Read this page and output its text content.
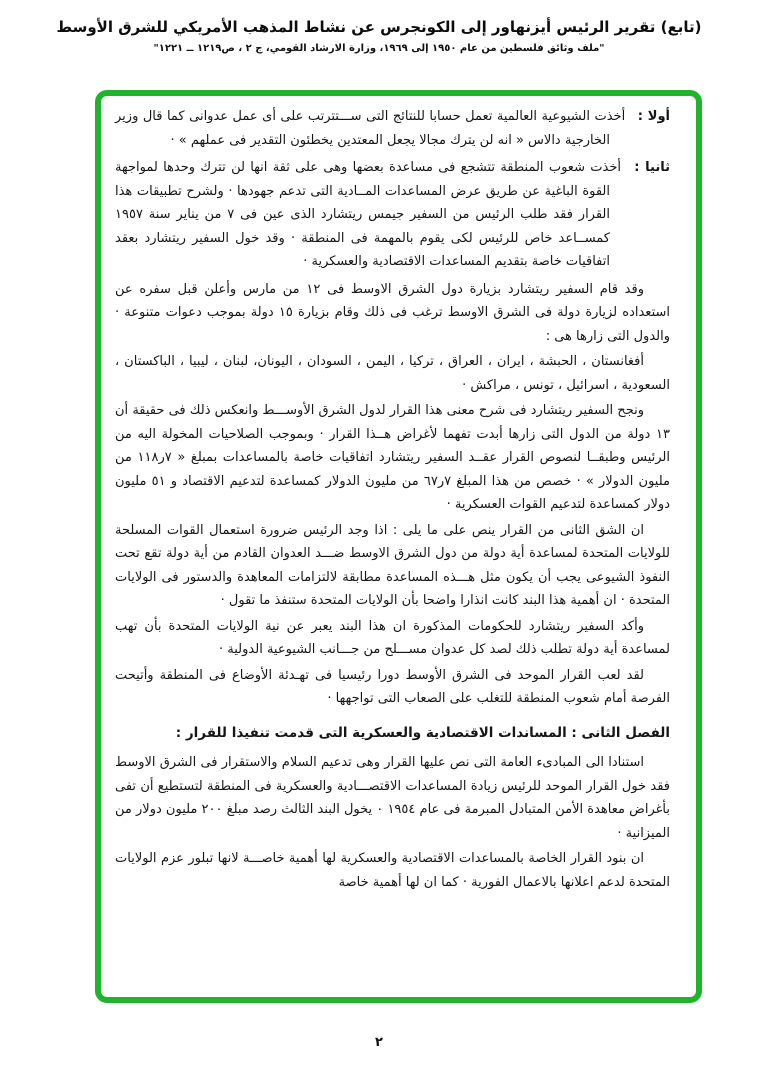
(تابع) تقرير الرئيس أيزنهاور إلى الكونجرس عن نشاط المذهب الأمريكي للشرق الأوسط
"ملف وثائق فلسطين من عام ١٩٥٠ إلى ١٩٦٩، وزارة الارشاد القومي، ج ٢ ، ص١٢١٩ ــ ١٢٢١"
أولا : أخذت الشيوعية العالمية تعمل حسابا للنتائج التى ســـتترتب على أى عمل عدوانى كما قال وزير الخارجية دالاس « انه لن يترك مجالا يجعل المعتدين يخطئون التقدير فى عملهم » ·
ثانيا : أخذت شعوب المنطقة تتشجع فى مساعدة بعضها وهى على ثقة انها لن تترك وحدها لمواجهة القوة الباغية عن طريق عرض المساعدات المــادية التى تدعم جهودها · ولشرح تطبيقات هذا القرار فقد طلب الرئيس من السفير جيمس ريتشارد الذى عين فى ٧ من يناير سنة ١٩٥٧ كمســاعد خاص للرئيس لكى يقوم بالمهمة فى المنطقة · وقد خول السفير ريتشارد بعقد اتفاقيات خاصة بتقديم المساعدات الاقتصادية والعسكرية ·
وقد قام السفير ريتشارد بزيارة دول الشرق الاوسط فى ١٢ من مارس وأعلن قبل سفره عن استعداده لزيارة دولة فى الشرق الاوسط ترغب فى ذلك وقام بزيارة ١٥ دولة بموجب دعوات متنوعة · والدول التى زارها هى :
أفغانستان ، الحبشة ، ايران ، العراق ، تركيا ، اليمن ، السودان ، اليونان، لبنان ، ليبيا ، الباكستان ، السعودية ، اسرائيل ، تونس ، مراكش ·
ونجح السفير ريتشارد فى شرح معنى هذا القرار لدول الشرق الأوســـط وانعكس ذلك فى حقيقة أن ١٣ دولة من الدول التى زارها أبدت تفهما لأغراض هــذا القرار · وبموجب الصلاحيات المخولة اليه من الرئيس وطبقــا لنصوص القرار عقــد السفير ريتشارد اتفاقيات خاصة بالمساعدات بمبلغ « ٧ر١١٨ من مليون الدولار » · خصص من هذا المبلغ ٧ر٦٧ من مليون الدولار كمساعدة لتدعيم الاقتصاد و ٥١ مليون دولار كمساعدة لتدعيم القوات العسكرية ·
ان الشق الثانى من القرار ينص على ما يلى : اذا وجد الرئيس ضرورة استعمال القوات المسلحة للولايات المتحدة لمساعدة أية دولة من دول الشرق الاوسط ضـــد العدوان القادم من أية دولة تقع تحت النفوذ الشيوعى يجب أن يكون مثل هـــذه المساعدة مطابقة لالتزامات المعاهدة والدستور فى الولايات المتحدة · ان أهمية هذا البند كانت انذارا واضحا بأن الولايات المتحدة ستنفذ ما تقول ·
وأكد السفير ريتشارد للحكومات المذكورة ان هذا البند يعبر عن نية الولايات المتحدة بأن تهب لمساعدة أية دولة تطلب ذلك لصد كل عدوان مســـلح من جـــانب الشيوعية الدولية ·
لقد لعب القرار الموحد فى الشرق الأوسط دورا رئيسيا فى تهـدئة الأوضاع فى المنطقة وأتيحت الفرصة أمام شعوب المنطقة للتغلب على الصعاب التى تواجهها ·
الفصل الثانى : المساندات الاقتصادية والعسكرية التى قدمت تنفيذا للقرار :
استنادا الى المبادىء العامة التى نص عليها القرار وهى تدعيم السلام والاستقرار فى الشرق الاوسط فقد خول القرار الموحد للرئيس زيادة المساعدات الاقتصـــادية والعسكرية فى المنطقة لتستطيع أن تفى بأغراض معاهدة الأمن المتبادل المبرمة فى عام ١٩٥٤ ٠ يخول البند الثالث رصد مبلغ ٢٠٠ مليون دولار من الميزانية ·
ان بنود القرار الخاصة بالمساعدات الاقتصادية والعسكرية لها أهمية خاصـــة لانها تبلور عزم الولايات المتحدة لدعم اعلانها بالاعمال الفورية · كما ان لها أهمية خاصة
٢
